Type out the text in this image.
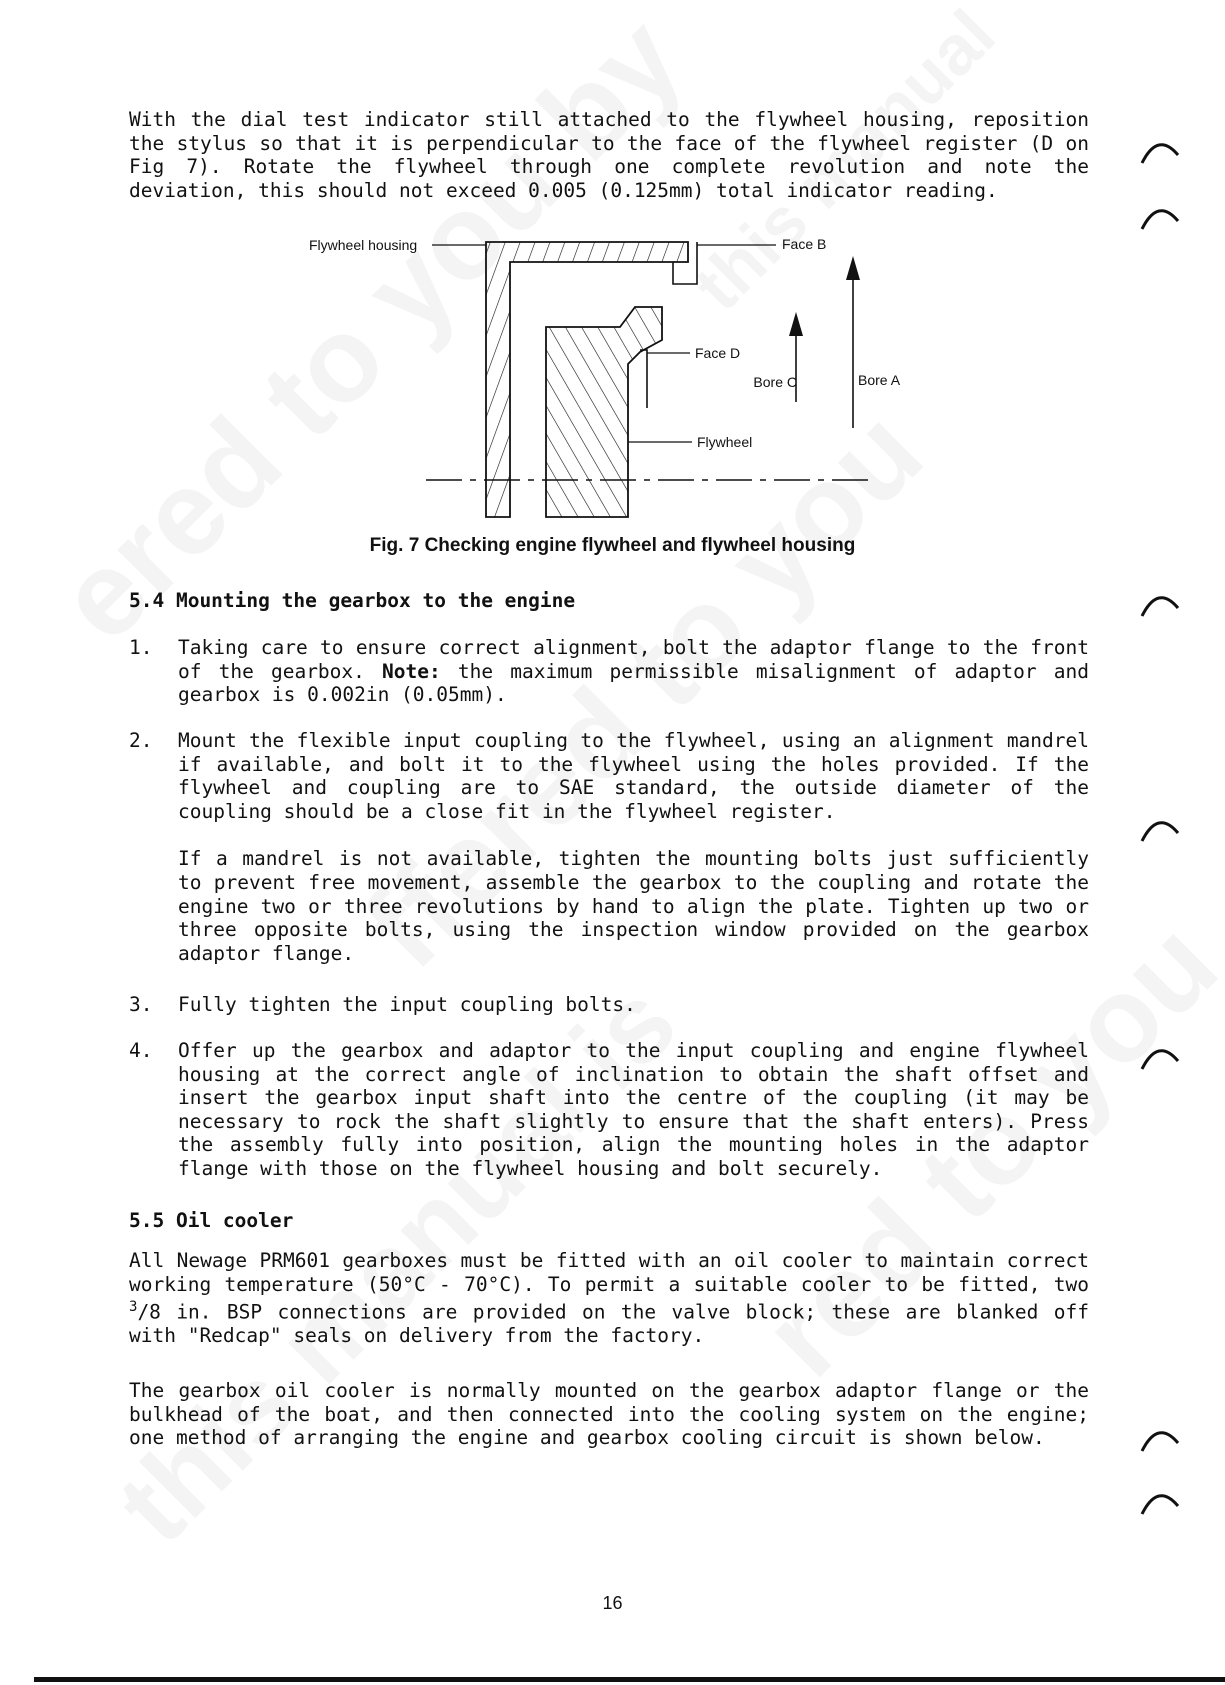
With the dial test indicator still attached to the flywheel housing, reposition the stylus so that it is perpendicular to the face of the flywheel register (D on Fig 7). Rotate the flywheel through one complete revolution and note the deviation, this should not exceed 0.005 (0.125mm) total indicator reading.

Flywheel housing	Face B
Face D
Bore C	Bore A
Flywheel
Fig. 7 Checking engine flywheel and flywheel housing
5.4 Mounting the gearbox to the engine
1. Taking care to ensure correct alignment, bolt the adaptor flange to the front of the gearbox. Note: the maximum permissible misalignment of adaptor and gearbox is 0.002in (0.05mm).

2. Mount the flexible input coupling to the flywheel, using an alignment mandrel if available, and bolt it to the flywheel using the holes provided. If the flywheel and coupling are to SAE standard, the outside diameter of the coupling should be a close fit in the flywheel register.

If a mandrel is not available, tighten the mounting bolts just sufficiently to prevent free movement, assemble the gearbox to the coupling and rotate the engine two or three revolutions by hand to align the plate. Tighten up two or three opposite bolts, using the inspection window provided on the gearbox adaptor flange.

3. Fully tighten the input coupling bolts.

4. Offer up the gearbox and adaptor to the input coupling and engine flywheel housing at the correct angle of inclination to obtain the shaft offset and insert the gearbox input shaft into the centre of the coupling (it may be necessary to rock the shaft slightly to ensure that the shaft enters). Press the assembly fully into position, align the mounting holes in the adaptor flange with those on the flywheel housing and bolt securely.

5.5 Oil cooler

All Newage PRM601 gearboxes must be fitted with an oil cooler to maintain correct working temperature (50°C - 70°C). To permit a suitable cooler to be fitted, two $^3$/8 in. BSP connections are provided on the valve block; these are blanked off with "Redcap" seals on delivery from the factory.

The gearbox oil cooler is normally mounted on the gearbox adaptor flange or the bulkhead of the boat, and then connected into the cooling system on the engine; one method of arranging the engine and gearbox cooling circuit is shown below.

16
